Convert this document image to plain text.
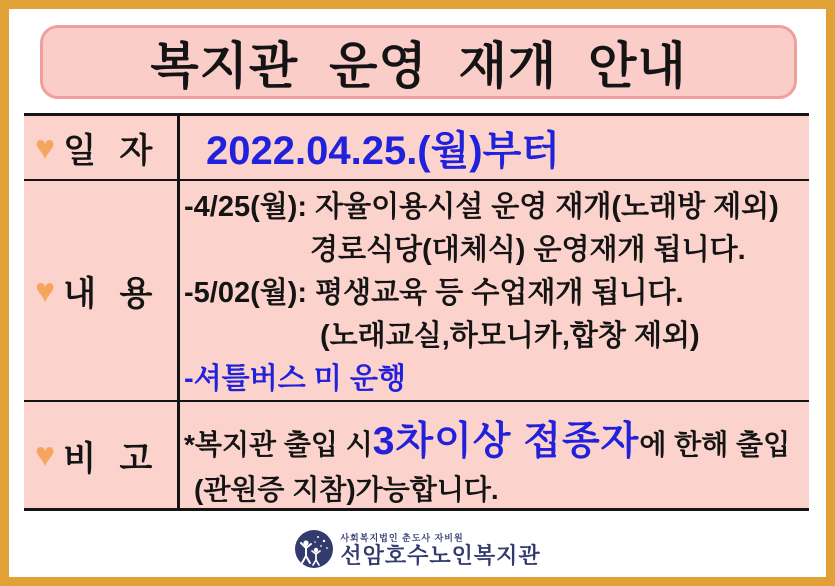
복지관 운영 재개 안내
♥ 일 자 2022.04.25.(월)부터
♥ 내 용
-4/25(월): 자율이용시설 운영 재개(노래방 제외)
경로식당(대체식) 운영재개 됩니다.
-5/02(월): 평생교육 등 수업재개 됩니다.
(노래교실,하모니카,합창 제외)
-셔틀버스 미 운행
♥ 비 고 *복지관 출입 시 3차이상 접종자 에 한해 출입
(관원증 지참)가능합니다.
사회복지법인 춘도사 자비원
선암호수노인복지관
